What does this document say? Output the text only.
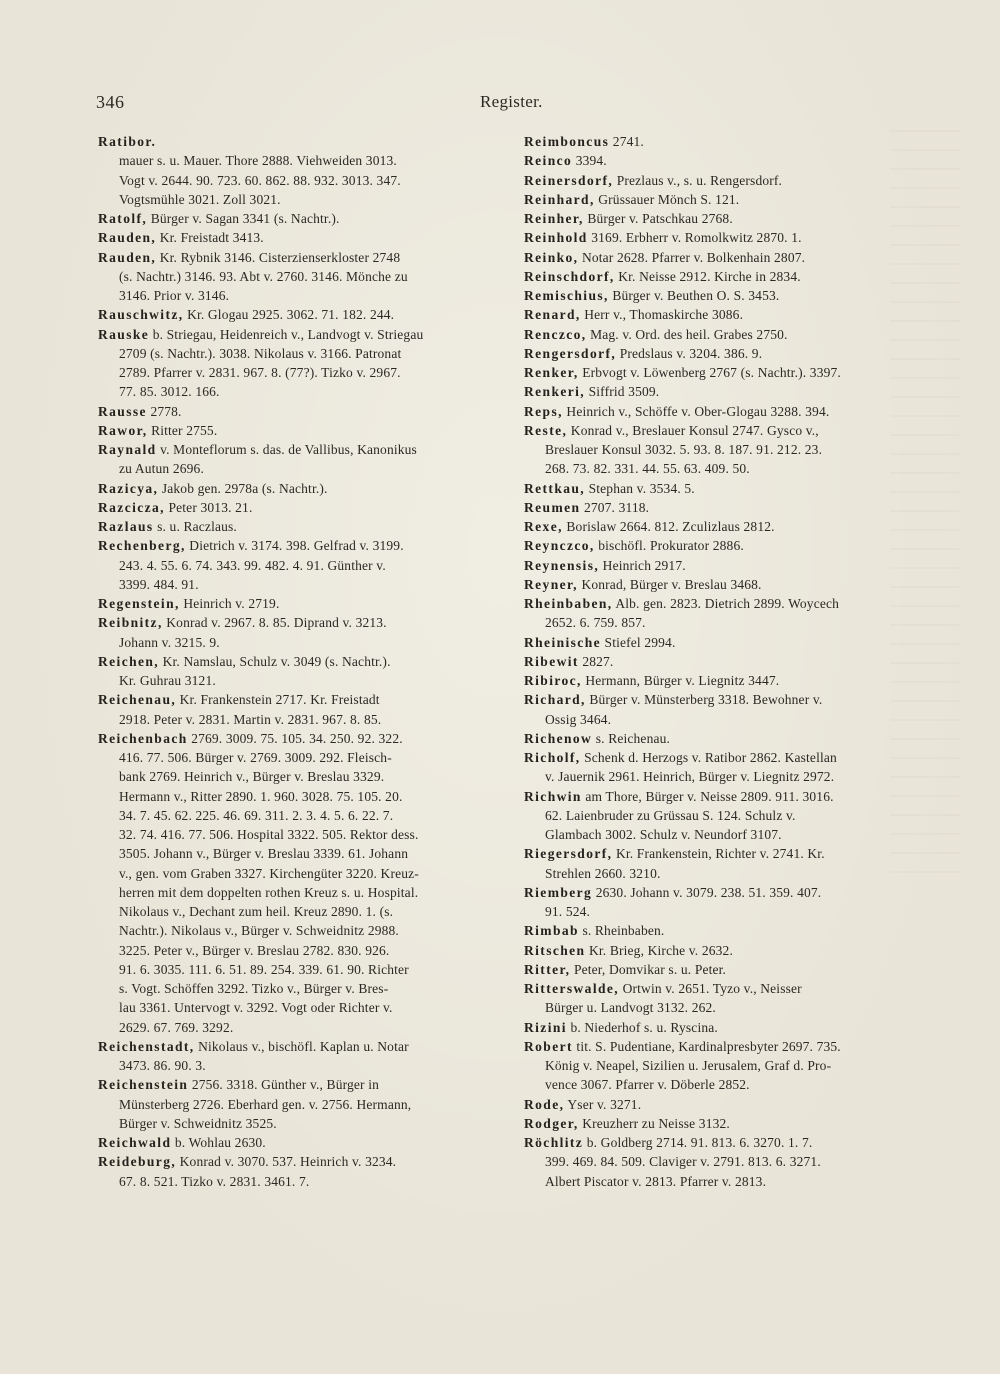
346	Register.
Ratibor.
mauer s. u. Mauer. Thore 2888. Viehweiden 3013.
Vogt v. 2644. 90. 723. 60. 862. 88. 932. 3013. 347.
Vogtsmühle 3021. Zoll 3021.
Ratolf, Bürger v. Sagan 3341 (s. Nachtr.).
Rauden, Kr. Freistadt 3413.
Rauden, Kr. Rybnik 3146. Cisterzienserkloster 2748
(s. Nachtr.) 3146. 93. Abt v. 2760. 3146. Mönche zu
3146. Prior v. 3146.
Rauschwitz, Kr. Glogau 2925. 3062. 71. 182. 244.
Rauske b. Striegau, Heidenreich v., Landvogt v. Striegau
2709 (s. Nachtr.). 3038. Nikolaus v. 3166. Patronat
2789. Pfarrer v. 2831. 967. 8. (77?). Tizko v. 2967.
77. 85. 3012. 166.
Rausse 2778.
Rawor, Ritter 2755.
Raynald v. Monteflorum s. das. de Vallibus, Kanonikus
zu Autun 2696.
Razicya, Jakob gen. 2978a (s. Nachtr.).
Razcicza, Peter 3013. 21.
Razlaus s. u. Raczlaus.
Rechenberg, Dietrich v. 3174. 398. Gelfrad v. 3199.
243. 4. 55. 6. 74. 343. 99. 482. 4. 91. Günther v.
3399. 484. 91.
Regenstein, Heinrich v. 2719.
Reibnitz, Konrad v. 2967. 8. 85. Diprand v. 3213.
Johann v. 3215. 9.
Reichen, Kr. Namslau, Schulz v. 3049 (s. Nachtr.).
Kr. Guhrau 3121.
Reichenau, Kr. Frankenstein 2717. Kr. Freistadt
2918. Peter v. 2831. Martin v. 2831. 967. 8. 85.
Reichenbach 2769. 3009. 75. 105. 34. 250. 92. 322.
416. 77. 506. Bürger v. 2769. 3009. 292. Fleisch-
bank 2769. Heinrich v., Bürger v. Breslau 3329.
Hermann v., Ritter 2890. 1. 960. 3028. 75. 105. 20.
34. 7. 45. 62. 225. 46. 69. 311. 2. 3. 4. 5. 6. 22. 7.
32. 74. 416. 77. 506. Hospital 3322. 505. Rektor dess.
3505. Johann v., Bürger v. Breslau 3339. 61. Johann
v., gen. vom Graben 3327. Kirchengüter 3220. Kreuz-
herren mit dem doppelten rothen Kreuz s. u. Hospital.
Nikolaus v., Dechant zum heil. Kreuz 2890. 1. (s.
Nachtr.). Nikolaus v., Bürger v. Schweidnitz 2988.
3225. Peter v., Bürger v. Breslau 2782. 830. 926.
91. 6. 3035. 111. 6. 51. 89. 254. 339. 61. 90. Richter
s. Vogt. Schöffen 3292. Tizko v., Bürger v. Bres-
lau 3361. Untervogt v. 3292. Vogt oder Richter v.
2629. 67. 769. 3292.
Reichenstadt, Nikolaus v., bischöfl. Kaplan u. Notar
3473. 86. 90. 3.
Reichenstein 2756. 3318. Günther v., Bürger in
Münsterberg 2726. Eberhard gen. v. 2756. Hermann,
Bürger v. Schweidnitz 3525.
Reichwald b. Wohlau 2630.
Reideburg, Konrad v. 3070. 537. Heinrich v. 3234.
67. 8. 521. Tizko v. 2831. 3461. 7.
Reimboncus 2741.
Reinco 3394.
Reinersdorf, Prezlaus v., s. u. Rengersdorf.
Reinhard, Grüssauer Mönch S. 121.
Reinher, Bürger v. Patschkau 2768.
Reinhold 3169. Erbherr v. Romolkwitz 2870. 1.
Reinko, Notar 2628. Pfarrer v. Bolkenhain 2807.
Reinschdorf, Kr. Neisse 2912. Kirche in 2834.
Remischius, Bürger v. Beuthen O. S. 3453.
Renard, Herr v., Thomaskirche 3086.
Renczco, Mag. v. Ord. des heil. Grabes 2750.
Rengersdorf, Predslaus v. 3204. 386. 9.
Renker, Erbvogt v. Löwenberg 2767 (s. Nachtr.). 3397.
Renkeri, Siffrid 3509.
Reps, Heinrich v., Schöffe v. Ober-Glogau 3288. 394.
Reste, Konrad v., Breslauer Konsul 2747. Gysco v.,
Breslauer Konsul 3032. 5. 93. 8. 187. 91. 212. 23.
268. 73. 82. 331. 44. 55. 63. 409. 50.
Rettkau, Stephan v. 3534. 5.
Reumen 2707. 3118.
Rexe, Borislaw 2664. 812. Zculizlaus 2812.
Reynczco, bischöfl. Prokurator 2886.
Reynensis, Heinrich 2917.
Reyner, Konrad, Bürger v. Breslau 3468.
Rheinbaben, Alb. gen. 2823. Dietrich 2899. Woycech
2652. 6. 759. 857.
Rheinische Stiefel 2994.
Ribewit 2827.
Ribiroc, Hermann, Bürger v. Liegnitz 3447.
Richard, Bürger v. Münsterberg 3318. Bewohner v.
Ossig 3464.
Richenow s. Reichenau.
Richolf, Schenk d. Herzogs v. Ratibor 2862. Kastellan
v. Jauernik 2961. Heinrich, Bürger v. Liegnitz 2972.
Richwin am Thore, Bürger v. Neisse 2809. 911. 3016.
62. Laienbruder zu Grüssau S. 124. Schulz v.
Glambach 3002. Schulz v. Neundorf 3107.
Riegersdorf, Kr. Frankenstein, Richter v. 2741. Kr.
Strehlen 2660. 3210.
Riemberg 2630. Johann v. 3079. 238. 51. 359. 407.
91. 524.
Rimbab s. Rheinbaben.
Ritschen Kr. Brieg, Kirche v. 2632.
Ritter, Peter, Domvikar s. u. Peter.
Ritterswalde, Ortwin v. 2651. Tyzo v., Neisser
Bürger u. Landvogt 3132. 262.
Rizini b. Niederhof s. u. Ryscina.
Robert tit. S. Pudentiane, Kardinalpresbyter 2697. 735.
König v. Neapel, Sizilien u. Jerusalem, Graf d. Pro-
vence 3067. Pfarrer v. Döberle 2852.
Rode, Yser v. 3271.
Rodger, Kreuzherr zu Neisse 3132.
Röchlitz b. Goldberg 2714. 91. 813. 6. 3270. 1. 7.
399. 469. 84. 509. Claviger v. 2791. 813. 6. 3271.
Albert Piscator v. 2813. Pfarrer v. 2813.
